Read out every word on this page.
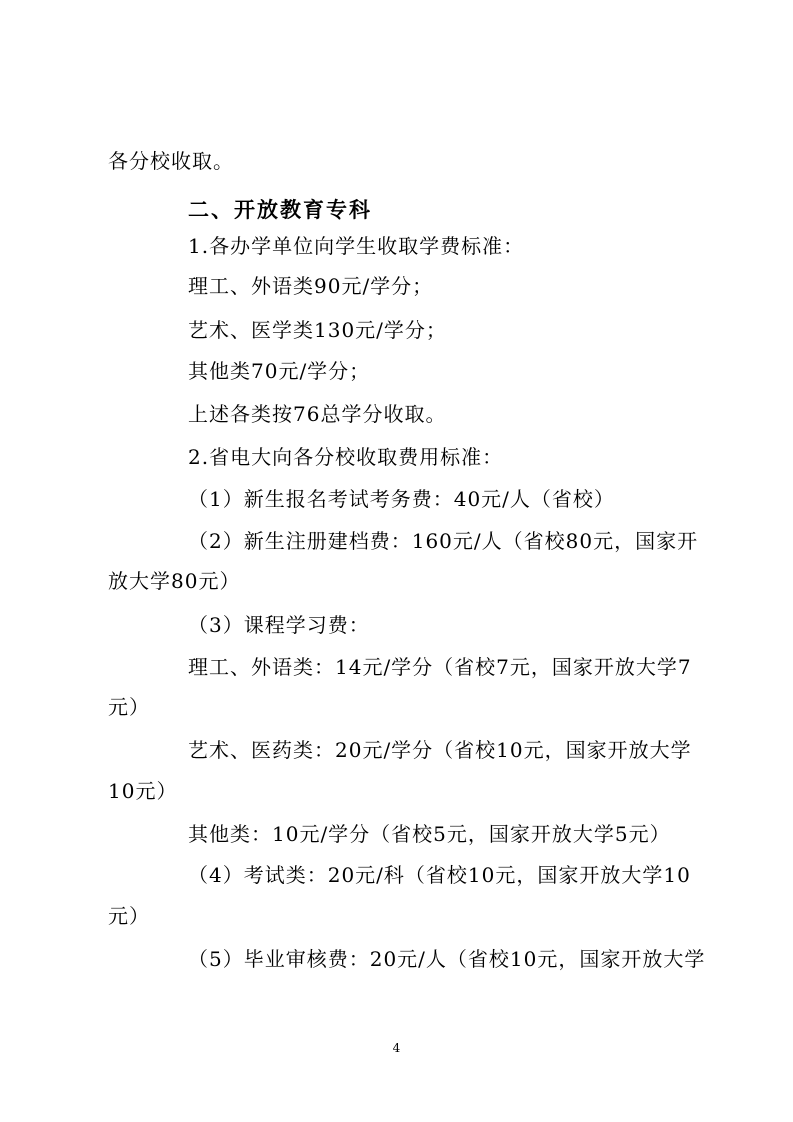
各分校收取。
二、开放教育专科
1.各办学单位向学生收取学费标准：
理工、外语类90元/学分；
艺术、医学类130元/学分；
其他类70元/学分；
上述各类按76总学分收取。
2.省电大向各分校收取费用标准：
（1）新生报名考试考务费：40元/人（省校）
（2）新生注册建档费：160元/人（省校80元，国家开
放大学80元）
（3）课程学习费：
理工、外语类：14元/学分（省校7元，国家开放大学7
元）
艺术、医药类：20元/学分（省校10元，国家开放大学
10元）
其他类：10元/学分（省校5元，国家开放大学5元）
（4）考试类：20元/科（省校10元，国家开放大学10
元）
（5）毕业审核费：20元/人（省校10元，国家开放大学
4
